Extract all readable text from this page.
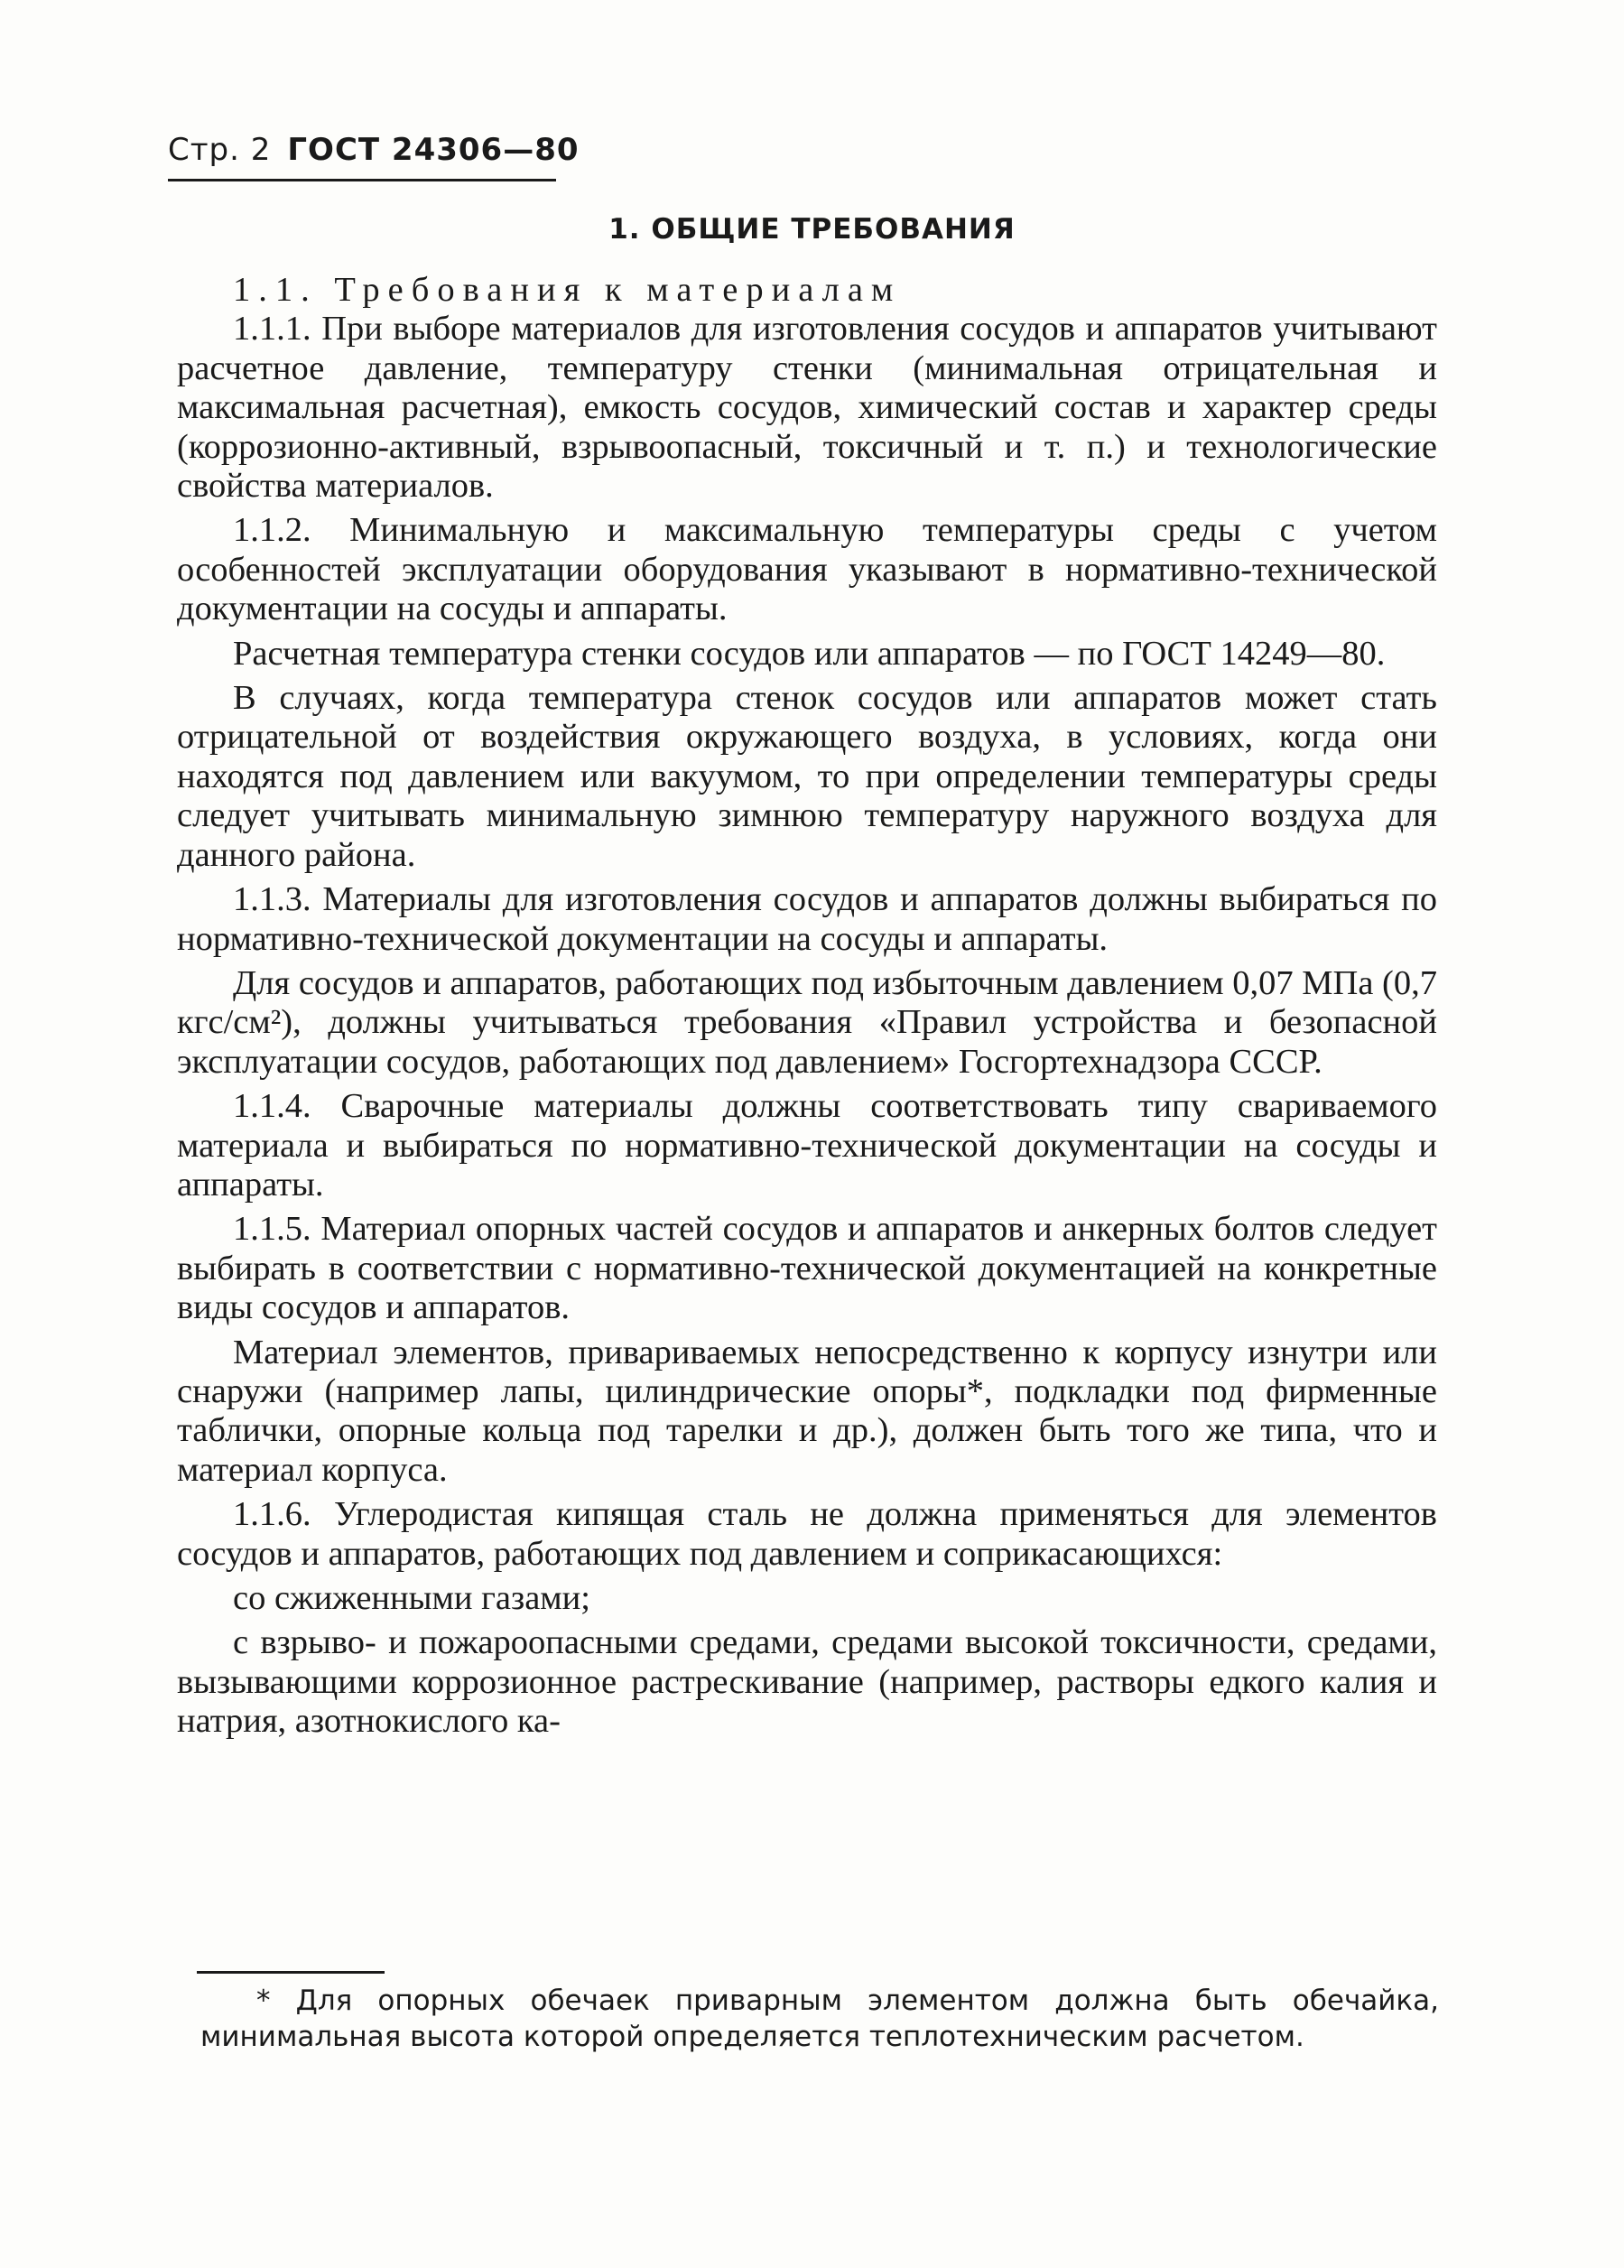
Стр. 2 ГОСТ 24306—80
1. ОБЩИЕ ТРЕБОВАНИЯ

1.1. Требования к материалам

1.1.1. При выборе материалов для изготовления сосудов и аппаратов учитывают расчетное давление, температуру стенки (минимальная отрицательная и максимальная расчетная), емкость сосудов, химический состав и характер среды (коррозионно-активный, взрывоопасный, токсичный и т. п.) и технологические свойства материалов.

1.1.2. Минимальную и максимальную температуры среды с учетом особенностей эксплуатации оборудования указывают в нормативно-технической документации на сосуды и аппараты.

Расчетная температура стенки сосудов или аппаратов — по ГОСТ 14249—80.

В случаях, когда температура стенок сосудов или аппаратов может стать отрицательной от воздействия окружающего воздуха, в условиях, когда они находятся под давлением или вакуумом, то при определении температуры среды следует учитывать минимальную зимнюю температуру наружного воздуха для данного района.

1.1.3. Материалы для изготовления сосудов и аппаратов должны выбираться по нормативно-технической документации на сосуды и аппараты.

Для сосудов и аппаратов, работающих под избыточным давлением 0,07 МПа (0,7 кгс/см²), должны учитываться требования «Правил устройства и безопасной эксплуатации сосудов, работающих под давлением» Госгортехнадзора СССР.

1.1.4. Сварочные материалы должны соответствовать типу свариваемого материала и выбираться по нормативно-технической документации на сосуды и аппараты.

1.1.5. Материал опорных частей сосудов и аппаратов и анкерных болтов следует выбирать в соответствии с нормативно-технической документацией на конкретные виды сосудов и аппаратов.

Материал элементов, привариваемых непосредственно к корпусу изнутри или снаружи (например лапы, цилиндрические опоры*, подкладки под фирменные таблички, опорные кольца под тарелки и др.), должен быть того же типа, что и материал корпуса.

1.1.6. Углеродистая кипящая сталь не должна применяться для элементов сосудов и аппаратов, работающих под давлением и соприкасающихся:

со сжиженными газами;

с взрыво- и пожароопасными средами, средами высокой токсичности, средами, вызывающими коррозионное растрескивание (например, растворы едкого калия и натрия, азотнокислого ка-

* Для опорных обечаек приварным элементом должна быть обечайка, минимальная высота которой определяется теплотехническим расчетом.
